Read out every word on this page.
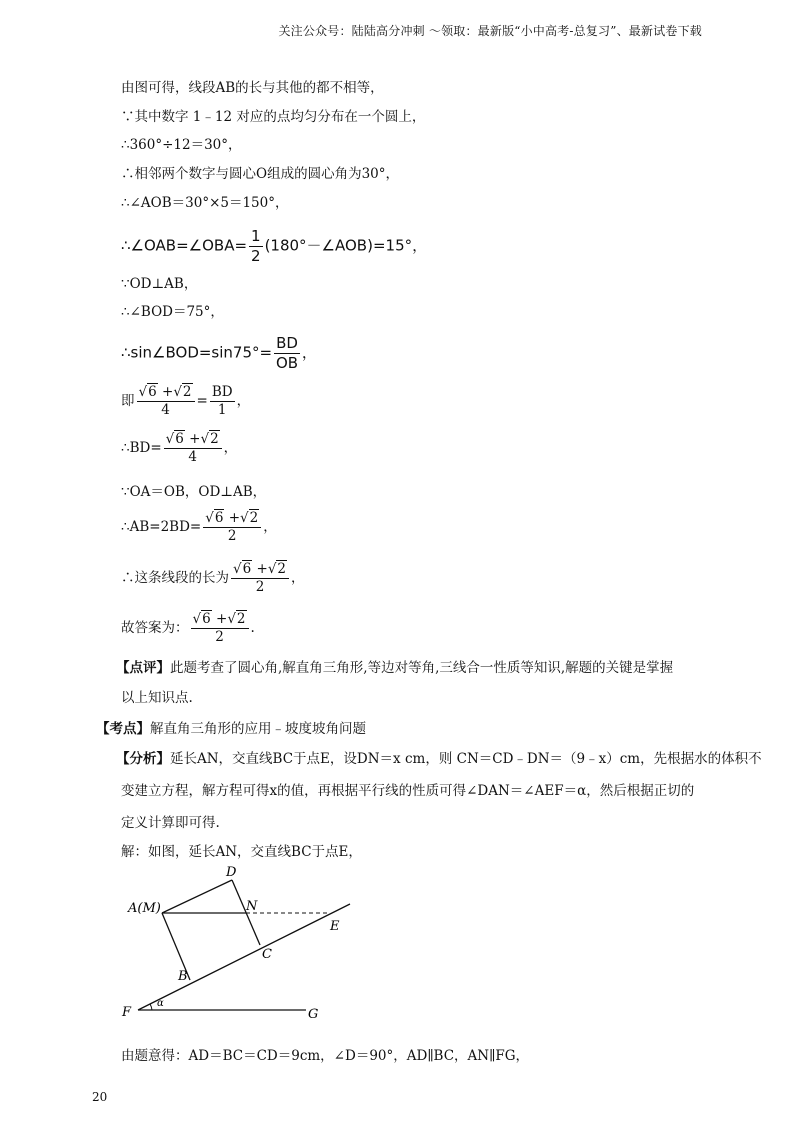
关注公众号：陆陆高分冲刺 ～领取：最新版“小中高考-总复习”、最新试卷下载
由图可得，线段AB的长与其他的都不相等，
∵其中数字 1﹣12 对应的点均匀分布在一个圆上，
∴360°÷12＝30°，
∴相邻两个数字与圆心O组成的圆心角为30°，
∴∠AOB＝30°×5＝150°，
∴∠OAB=∠OBA= $\frac{1}{2}$ (180°－∠AOB)=15°，
∵OD⊥AB，
∴∠BOD＝75°，
∴sin∠BOD=sin75°= $\frac{BD}{OB}$ ，
即 $\frac{√6 +√2}{4} = \frac{BD}{1}$ ，
∴BD= $\frac{√6 +√2}{4}$ ，
∵OA＝OB，OD⊥AB，
∴AB=2BD= $\frac{√6 +√2}{2}$ ，
∴这条线段的长为 $\frac{√6 +√2}{2}$ ，
故答案为： $\frac{√6 +√2}{2}$ .
【点评】此题考查了圆心角,解直角三角形,等边对等角,三线合一性质等知识,解题的关键是掌握
以上知识点.
【考点】解直角三角形的应用﹣坡度坡角问题
【分析】延长AN，交直线BC于点E，设DN＝x cm，则 CN＝CD﹣DN＝（9﹣x）cm，先根据水的体积不
变建立方程，解方程可得x的值，再根据平行线的性质可得∠DAN＝∠AEF＝α，然后根据正切的
定义计算即可得.
解：如图，延长AN，交直线BC于点E，
A(M)
D
N
E
C
B
F	G
α
由题意得：AD＝BC＝CD＝9cm，∠D＝90°，AD∥BC，AN∥FG，
20
